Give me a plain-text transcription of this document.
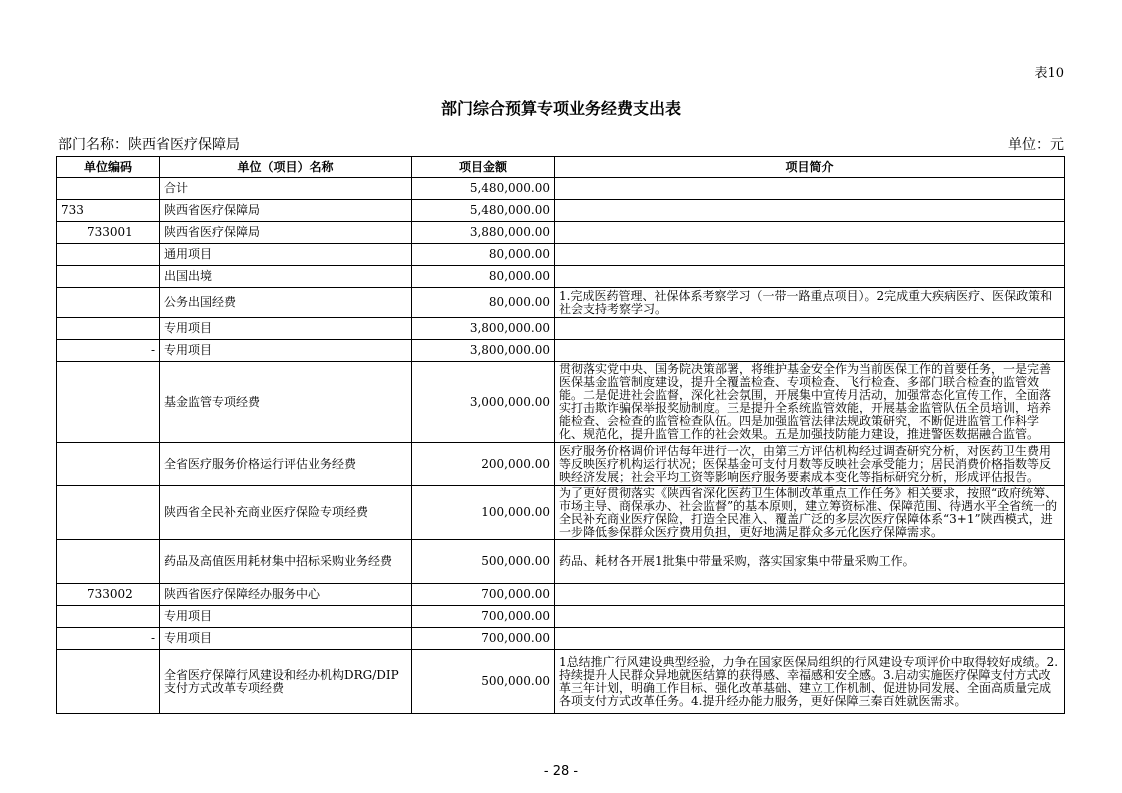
表10
部门综合预算专项业务经费支出表
部门名称：陕西省医疗保障局	单位：元
单位编码	单位（项目）名称	项目金额	项目简介
	合计	5,480,000.00	
733	陕西省医疗保障局	5,480,000.00	
733001	陕西省医疗保障局	3,880,000.00	
	通用项目	80,000.00	
	出国出境	80,000.00	
	公务出国经费	80,000.00	1.完成医药管理、社保体系考察学习（一带一路重点项目）。2完成重大疾病医疗、医保政策和社会支持考察学习。
	专用项目	3,800,000.00	
-	专用项目	3,800,000.00	
	基金监管专项经费	3,000,000.00	贯彻落实党中央、国务院决策部署，将维护基金安全作为当前医保工作的首要任务，一是完善医保基金监管制度建设，提升全覆盖检查、专项检查、飞行检查、多部门联合检查的监管效能。二是促进社会监督，深化社会氛围，开展集中宣传月活动，加强常态化宣传工作，全面落实打击欺诈骗保举报奖励制度。三是提升全系统监管效能，开展基金监管队伍全员培训，培养能检查、会检查的监管检查队伍。四是加强监管法律法规政策研究，不断促进监管工作科学化、规范化，提升监管工作的社会效果。五是加强技防能力建设，推进警医数据融合监管。
	全省医疗服务价格运行评估业务经费	200,000.00	医疗服务价格调价评估每年进行一次，由第三方评估机构经过调查研究分析，对医药卫生费用等反映医疗机构运行状况；医保基金可支付月数等反映社会承受能力；居民消费价格指数等反映经济发展；社会平均工资等影响医疗服务要素成本变化等指标研究分析，形成评估报告。
	陕西省全民补充商业医疗保险专项经费	100,000.00	为了更好贯彻落实《陕西省深化医药卫生体制改革重点工作任务》相关要求，按照“政府统筹、市场主导、商保承办、社会监督”的基本原则，建立筹资标准、保障范围、待遇水平全省统一的全民补充商业医疗保险，打造全民准入、覆盖广泛的多层次医疗保障体系“3+1”陕西模式，进一步降低参保群众医疗费用负担，更好地满足群众多元化医疗保障需求。
	药品及高值医用耗材集中招标采购业务经费	500,000.00	药品、耗材各开展1批集中带量采购，落实国家集中带量采购工作。
733002	陕西省医疗保障经办服务中心	700,000.00	
	专用项目	700,000.00	
-	专用项目	700,000.00	
	全省医疗保障行风建设和经办机构DRG/DIP支付方式改革专项经费	500,000.00	1总结推广行风建设典型经验，力争在国家医保局组织的行风建设专项评价中取得较好成绩。2.持续提升人民群众异地就医结算的获得感、幸福感和安全感。3.启动实施医疗保障支付方式改革三年计划，明确工作目标、强化改革基础、建立工作机制、促进协同发展、全面高质量完成各项支付方式改革任务。4.提升经办能力服务，更好保障三秦百姓就医需求。
- 28 -
